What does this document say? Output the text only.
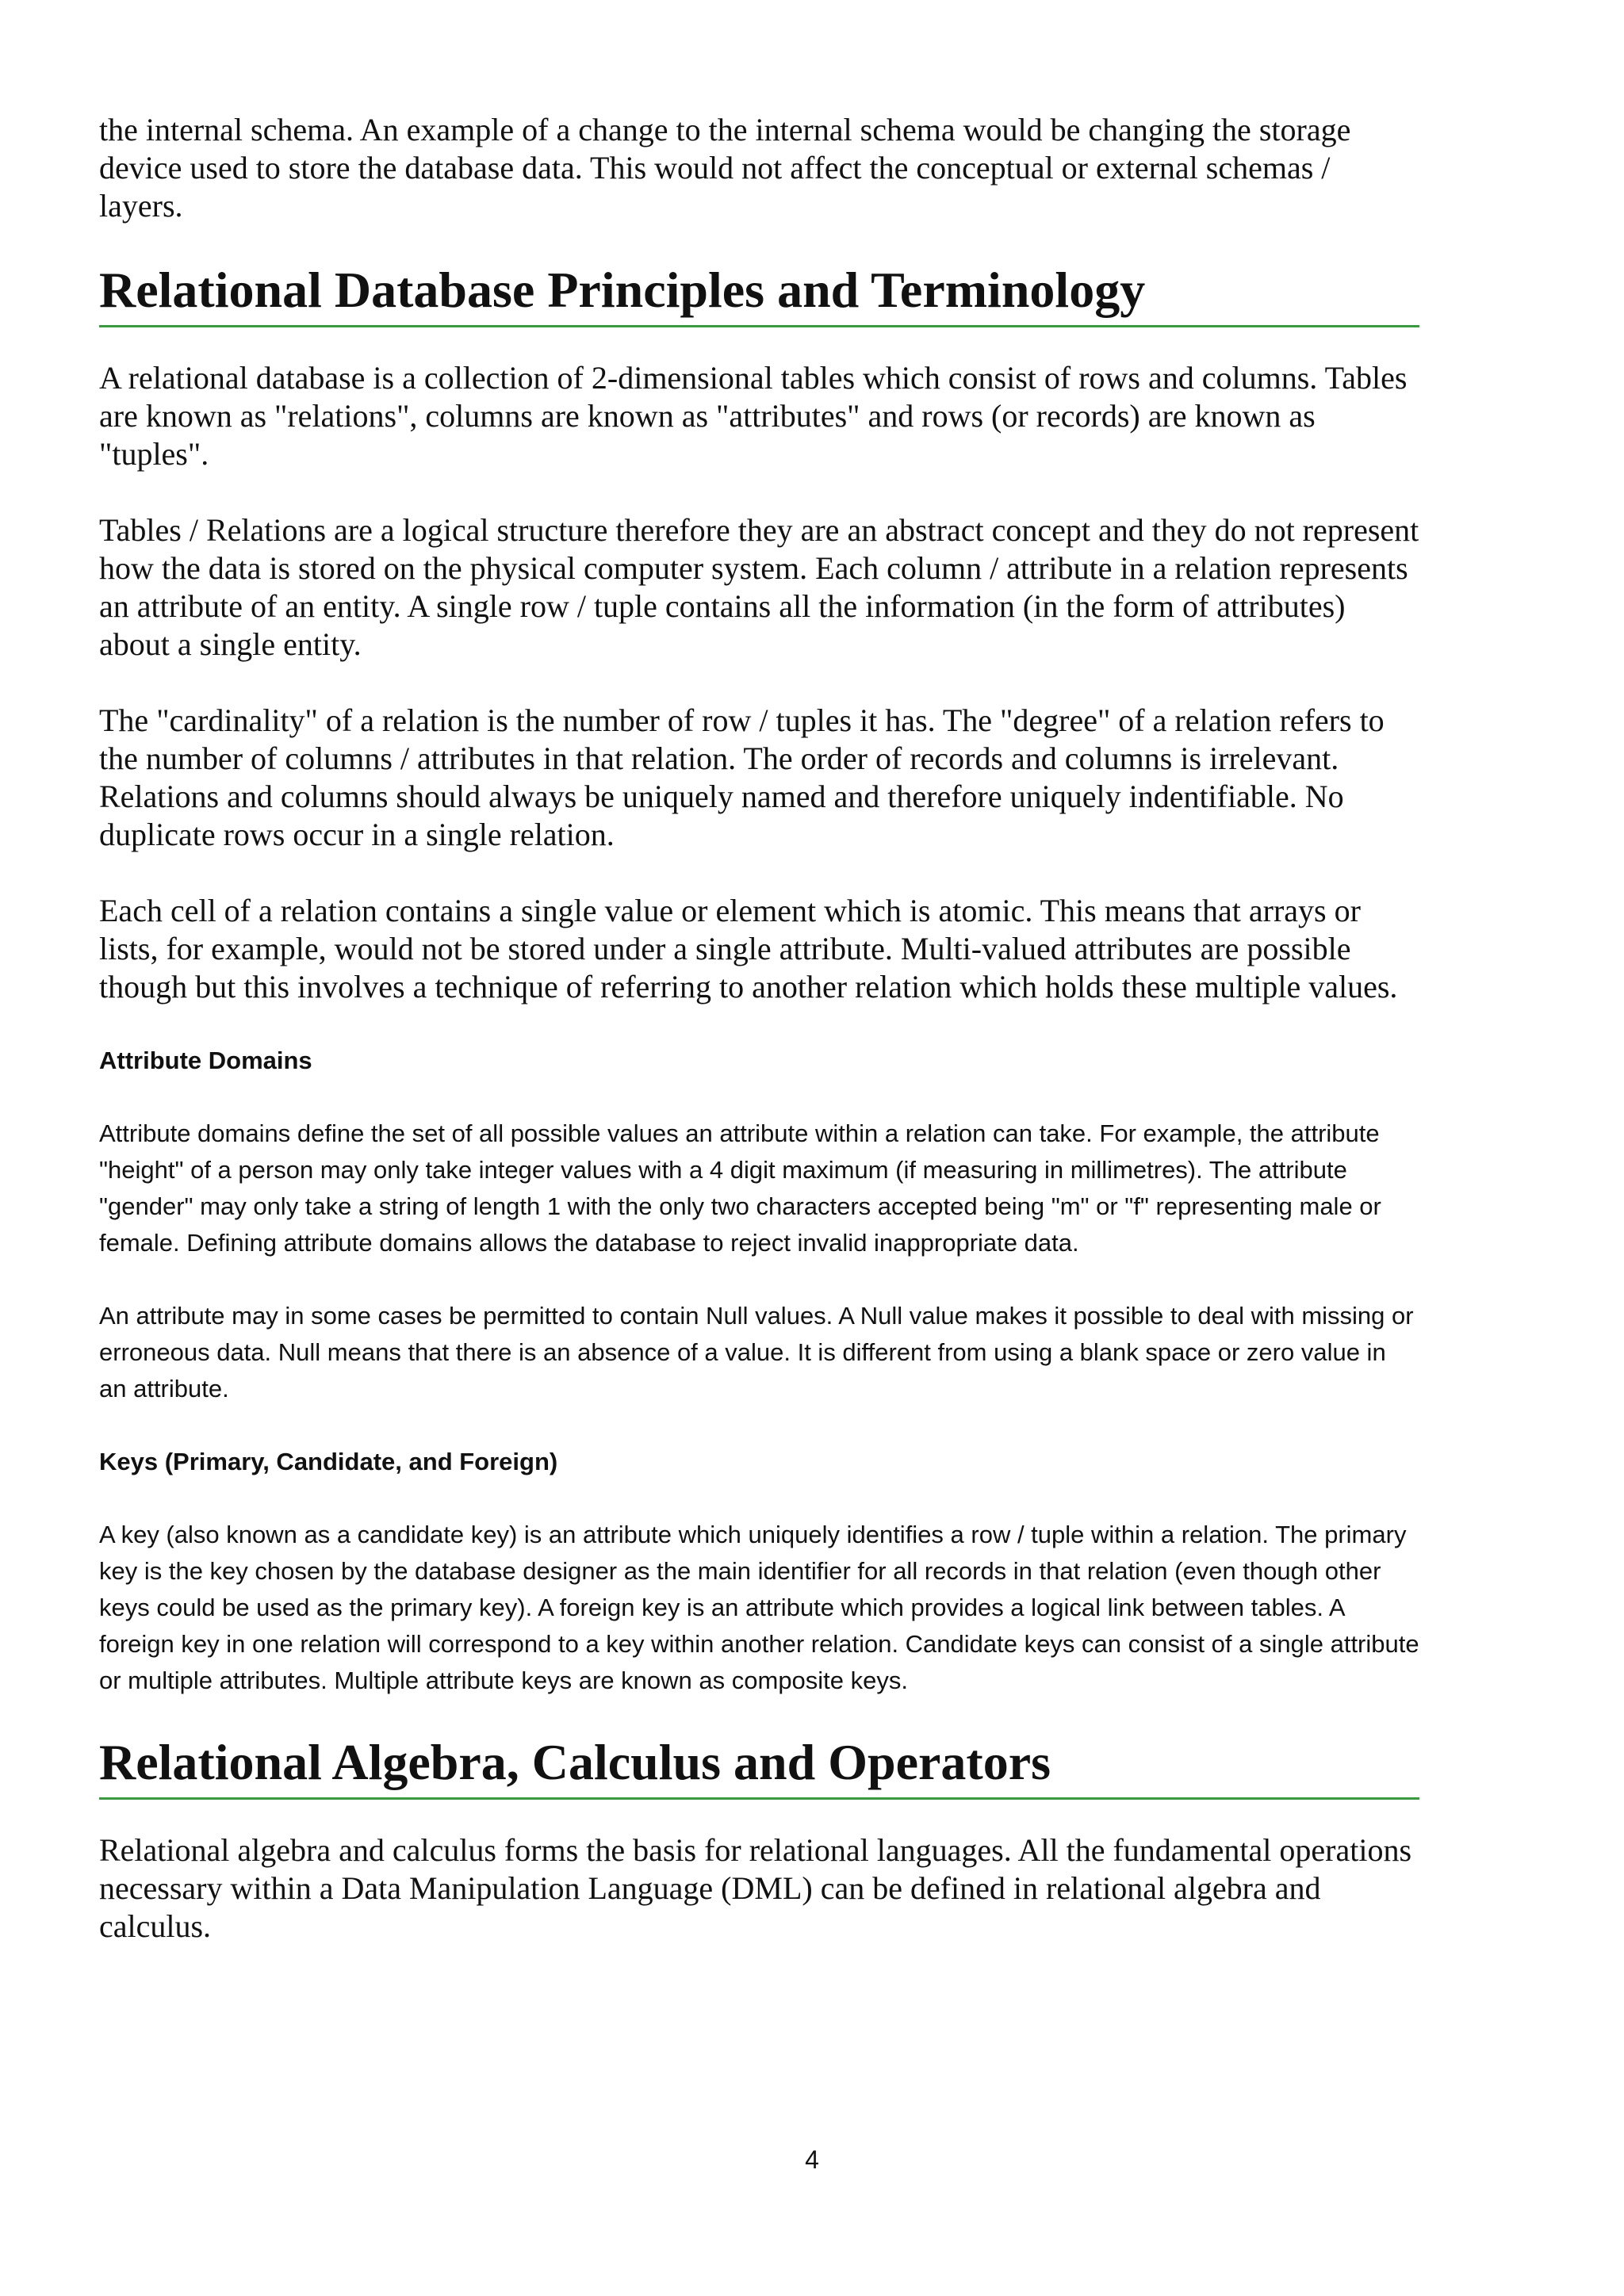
the internal schema. An example of a change to the internal schema would be changing the storage device used to store the database data. This would not affect the conceptual or external schemas / layers.

Relational Database Principles and Terminology

A relational database is a collection of 2-dimensional tables which consist of rows and columns. Tables are known as "relations", columns are known as "attributes" and rows (or records) are known as "tuples".

Tables / Relations are a logical structure therefore they are an abstract concept and they do not represent how the data is stored on the physical computer system. Each column / attribute in a relation represents an attribute of an entity. A single row / tuple contains all the information (in the form of attributes) about a single entity.

The "cardinality" of a relation is the number of row / tuples it has. The "degree" of a relation refers to the number of columns / attributes in that relation. The order of records and columns is irrelevant. Relations and columns should always be uniquely named and therefore uniquely indentifiable. No duplicate rows occur in a single relation.

Each cell of a relation contains a single value or element which is atomic. This means that arrays or lists, for example, would not be stored under a single attribute. Multi-valued attributes are possible though but this involves a technique of referring to another relation which holds these multiple values.

Attribute Domains

Attribute domains define the set of all possible values an attribute within a relation can take. For example, the attribute "height" of a person may only take integer values with a 4 digit maximum (if measuring in millimetres). The attribute "gender" may only take a string of length 1 with the only two characters accepted being "m" or "f" representing male or female. Defining attribute domains allows the database to reject invalid inappropriate data.

An attribute may in some cases be permitted to contain Null values. A Null value makes it possible to deal with missing or erroneous data. Null means that there is an absence of a value. It is different from using a blank space or zero value in an attribute.

Keys (Primary, Candidate, and Foreign)

A key (also known as a candidate key) is an attribute which uniquely identifies a row / tuple within a relation. The primary key is the key chosen by the database designer as the main identifier for all records in that relation (even though other keys could be used as the primary key). A foreign key is an attribute which provides a logical link between tables. A foreign key in one relation will correspond to a key within another relation. Candidate keys can consist of a single attribute or multiple attributes. Multiple attribute keys are known as composite keys.

Relational Algebra, Calculus and Operators

Relational algebra and calculus forms the basis for relational languages. All the fundamental operations necessary within a Data Manipulation Language (DML) can be defined in relational algebra and calculus.

4
